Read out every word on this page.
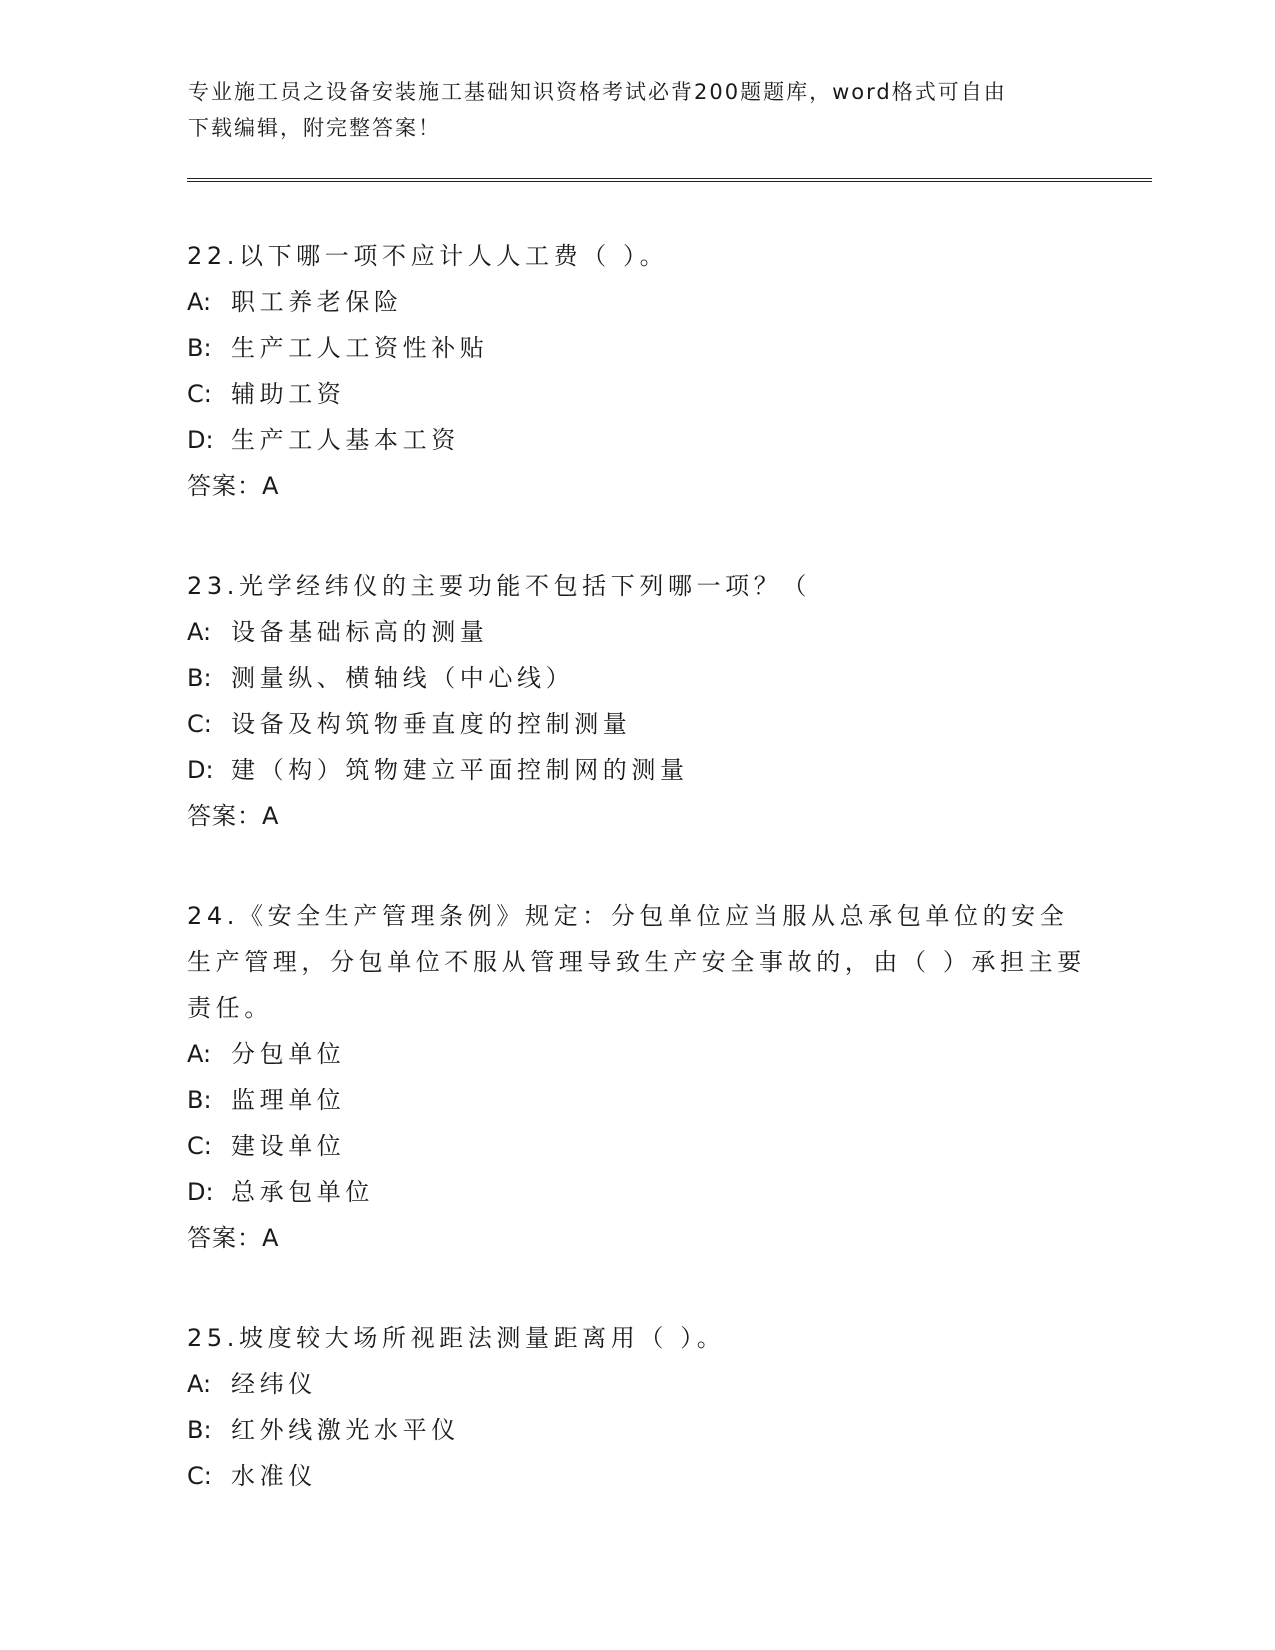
专业施工员之设备安装施工基础知识资格考试必背200题题库，word格式可自由
下载编辑，附完整答案！

22.以下哪一项不应计人人工费（ ）。

A: 职工养老保险

B: 生产工人工资性补贴

C: 辅助工资

D: 生产工人基本工资

答案：A

23.光学经纬仪的主要功能不包括下列哪一项？（

A: 设备基础标高的测量

B: 测量纵、横轴线（中心线）

C: 设备及构筑物垂直度的控制测量

D: 建（构）筑物建立平面控制网的测量

答案：A

24.《安全生产管理条例》规定：分包单位应当服从总承包单位的安全生产管理，分包单位不服从管理导致生产安全事故的，由（ ）承担主要责任。

A: 分包单位

B: 监理单位

C: 建设单位

D: 总承包单位

答案：A

25.坡度较大场所视距法测量距离用（ ）。

A: 经纬仪

B: 红外线激光水平仪

C: 水准仪
